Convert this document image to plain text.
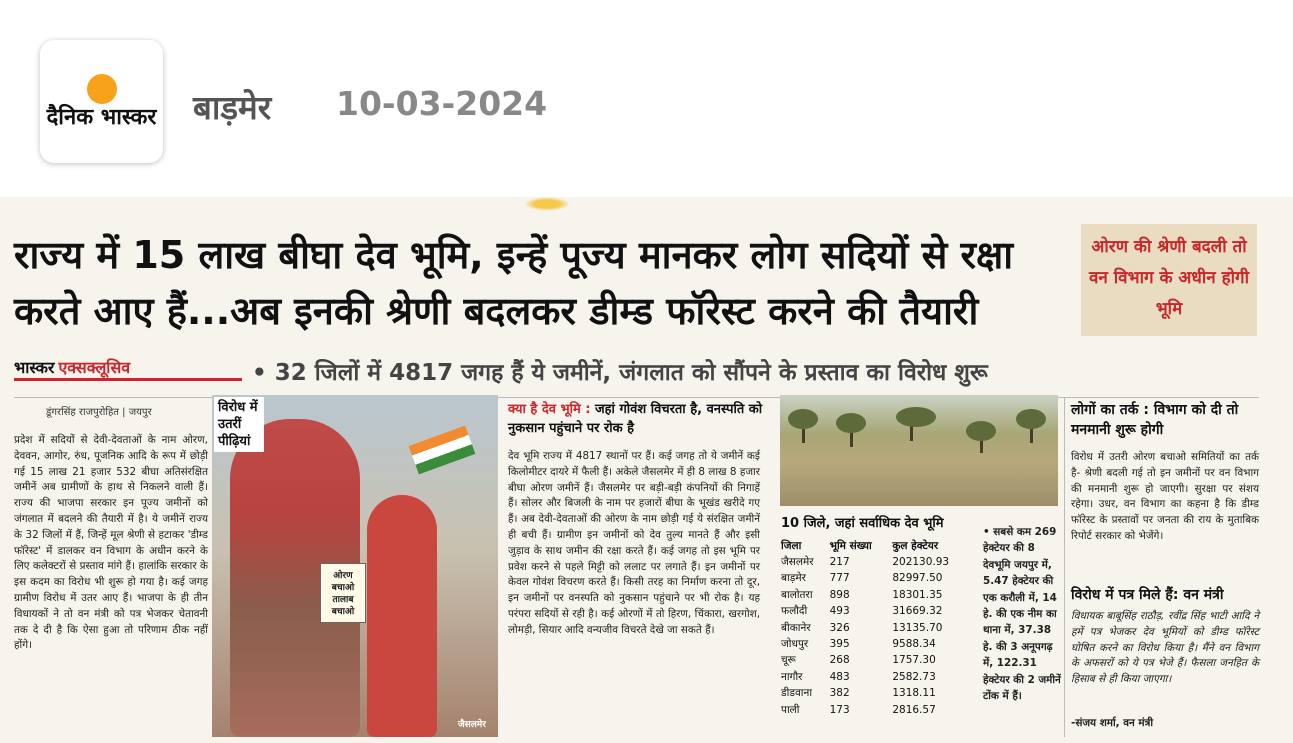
दैनिक भास्कर बाड़मेर 10-03-2024
राज्य में 15 लाख बीघा देव भूमि, इन्हें पूज्य मानकर लोग सदियों से रक्षा करते आए हैं...अब इनकी श्रेणी बदलकर डीम्ड फॉरेस्ट करने की तैयारी
ओरण की श्रेणी बदली तो वन विभाग के अधीन होगी भूमि
भास्कर एक्सक्लूसिव	• 32 जिलों में 4817 जगह हैं ये जमीनें, जंगलात को सौंपने के प्रस्ताव का विरोध शुरू
डूंगरसिंह राजपुरोहित | जयपुर
प्रदेश में सदियों से देवी-देवताओं के नाम ओरण, देववन, आगोर, रुंध, पूजनिक आदि के रूप में छोड़ी गई 15 लाख 21 हजार 532 बीघा अतिसंरक्षित जमीनें अब ग्रामीणों के हाथ से निकलने वाली हैं। राज्य की भाजपा सरकार इन पूज्य जमीनों को जंगलात में बदलने की तैयारी में है। ये जमीनें राज्य के 32 जिलों में हैं, जिन्हें मूल श्रेणी से हटाकर 'डीम्ड फॉरेस्ट' में डालकर वन विभाग के अधीन करने के लिए कलेक्टरों से प्रस्ताव मांगे हैं। हालांकि सरकार के इस कदम का विरोध भी शुरू हो गया है। कई जगह ग्रामीण विरोध में उतर आए हैं। भाजपा के ही तीन विधायकों ने तो वन मंत्री को पत्र भेजकर चेतावनी तक दे दी है कि ऐसा हुआ तो परिणाम ठीक नहीं होंगे।
ओरण बचाओ तालाब बचाओ
विरोध में उतरीं पीढ़ियां
जैसलमेर
क्या है देव भूमि : जहां गोवंश विचरता है, वनस्पति को नुकसान पहुंचाने पर रोक है
देव भूमि राज्य में 4817 स्थानों पर हैं। कई जगह तो ये जमीनें कई किलोमीटर दायरे में फैली हैं। अकेले जैसलमेर में ही 8 लाख 8 हजार बीघा ओरण जमीनें हैं। जैसलमेर पर बड़ी-बड़ी कंपनियों की निगाहें हैं। सोलर और बिजली के नाम पर हजारों बीघा के भूखंड खरीदे गए हैं। अब देवी-देवताओं की ओरण के नाम छोड़ी गई ये संरक्षित जमीनें ही बची हैं। ग्रामीण इन जमीनों को देव तुल्य मानते हैं और इसी जुड़ाव के साथ जमीन की रक्षा करते हैं। कई जगह तो इस भूमि पर प्रवेश करने से पहले मिट्टी को ललाट पर लगाते हैं। इन जमीनों पर केवल गोवंश विचरण करते हैं। किसी तरह का निर्माण करना तो दूर, इन जमीनों पर वनस्पति को नुकसान पहुंचाने पर भी रोक है। यह परंपरा सदियों से रही है। कई ओरणों में तो हिरण, चिंकारा, खरगोश, लोमड़ी, सियार आदि वन्यजीव विचरते देखे जा सकते हैं।
10 जिले, जहां सर्वाधिक देव भूमि
जिला	भूमि संख्या	कुल हेक्टेयर
जैसलमेर	217	202130.93
बाड़मेर	777	82997.50
बालोतरा	898	18301.35
फलौदी	493	31669.32
बीकानेर	326	13135.70
जोधपुर	395	9588.34
चूरू	268	1757.30
नागौर	483	2582.73
डीडवाना	382	1318.11
पाली	173	2816.57
• सबसे कम 269 हेक्टेयर की 8 देवभूमि जयपुर में, 5.47 हेक्टेयर की एक करौली में, 14 हे. की एक नीम का थाना में, 37.38 हे. की 3 अनूपगढ़ में, 122.31 हेक्टेयर की 2 जमीनें टोंक में हैं।
लोगों का तर्क : विभाग को दी तो मनमानी शुरू होगी
विरोध में उतरी ओरण बचाओ समितियों का तर्क है- श्रेणी बदली गई तो इन जमीनों पर वन विभाग की मनमानी शुरू हो जाएगी। सुरक्षा पर संशय रहेगा। उधर, वन विभाग का कहना है कि डीम्ड फॉरेस्ट के प्रस्तावों पर जनता की राय के मुताबिक रिपोर्ट सरकार को भेजेंगे।
विरोध में पत्र मिले हैं: वन मंत्री
विधायक बाबूसिंह राठौड़, रवींद्र सिंह भाटी आदि ने हमें पत्र भेजकर देव भूमियों को डीम्ड फॉरेस्ट घोषित करने का विरोध किया है। मैंने वन विभाग के अफसरों को ये पत्र भेजे हैं। फैसला जनहित के हिसाब से ही किया जाएगा।
-संजय शर्मा, वन मंत्री
